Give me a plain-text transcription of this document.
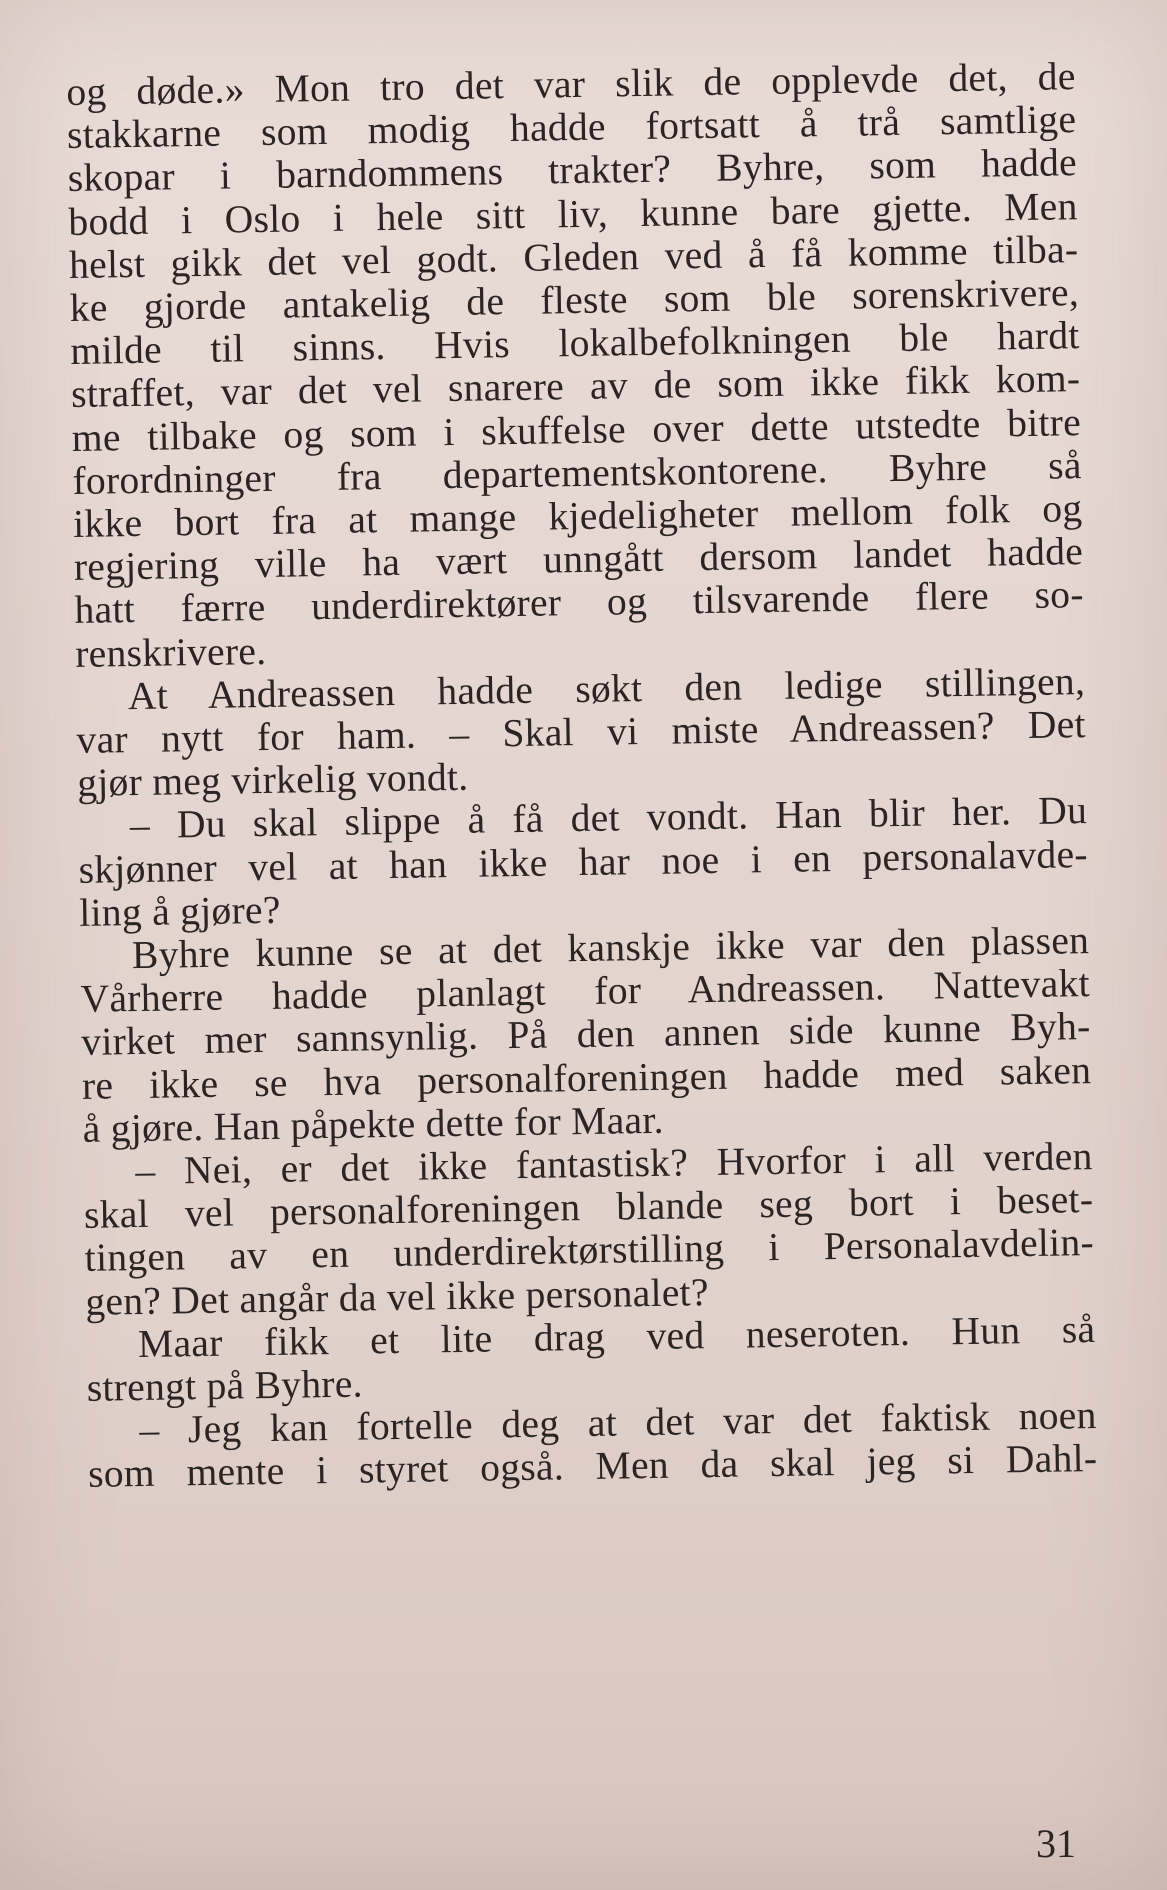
og døde.» Mon tro det var slik de opplevde det, de
stakkarne som modig hadde fortsatt å trå samtlige
skopar i barndommens trakter? Byhre, som hadde
bodd i Oslo i hele sitt liv, kunne bare gjette. Men
helst gikk det vel godt. Gleden ved å få komme tilba-
ke gjorde antakelig de fleste som ble sorenskrivere,
milde til sinns. Hvis lokalbefolkningen ble hardt
straffet, var det vel snarere av de som ikke fikk kom-
me tilbake og som i skuffelse over dette utstedte bitre
forordninger fra departementskontorene. Byhre så
ikke bort fra at mange kjedeligheter mellom folk og
regjering ville ha vært unngått dersom landet hadde
hatt færre underdirektører og tilsvarende flere so-
renskrivere.
At Andreassen hadde søkt den ledige stillingen,
var nytt for ham. – Skal vi miste Andreassen? Det
gjør meg virkelig vondt.
– Du skal slippe å få det vondt. Han blir her. Du
skjønner vel at han ikke har noe i en personalavde-
ling å gjøre?
Byhre kunne se at det kanskje ikke var den plassen
Vårherre hadde planlagt for Andreassen. Nattevakt
virket mer sannsynlig. På den annen side kunne Byh-
re ikke se hva personalforeningen hadde med saken
å gjøre. Han påpekte dette for Maar.
– Nei, er det ikke fantastisk? Hvorfor i all verden
skal vel personalforeningen blande seg bort i beset-
tingen av en underdirektørstilling i Personalavdelin-
gen? Det angår da vel ikke personalet?
Maar fikk et lite drag ved neseroten. Hun så
strengt på Byhre.
– Jeg kan fortelle deg at det var det faktisk noen
som mente i styret også. Men da skal jeg si Dahl-
31
